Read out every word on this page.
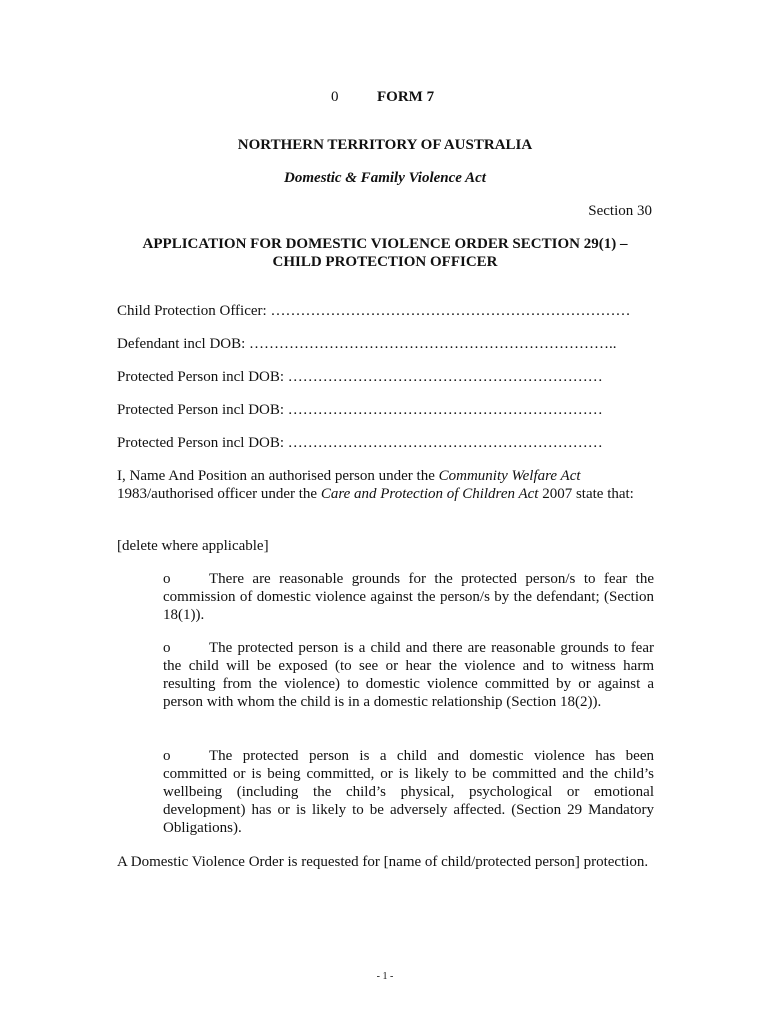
0	FORM 7
NORTHERN TERRITORY OF AUSTRALIA
Domestic & Family Violence Act
Section 30
APPLICATION FOR DOMESTIC VIOLENCE ORDER SECTION 29(1) –
CHILD PROTECTION OFFICER
Child Protection Officer: ………………………………………………………………
Defendant incl DOB: ………………………………………………………………..
Protected Person incl DOB: ………………………………………………………
Protected Person incl DOB: ………………………………………………………
Protected Person incl DOB: ………………………………………………………
I, Name And Position an authorised person under the Community Welfare Act 1983/authorised officer under the Care and Protection of Children Act 2007 state that:
[delete where applicable]
o	There are reasonable grounds for the protected person/s to fear the commission of domestic violence against the person/s by the defendant; (Section 18(1)).
o	The protected person is a child and there are reasonable grounds to fear the child will be exposed (to see or hear the violence and to witness harm resulting from the violence) to domestic violence committed by or against a person with whom the child is in a domestic relationship (Section 18(2)).
o	The protected person is a child and domestic violence has been committed or is being committed, or is likely to be committed and the child’s wellbeing (including the child’s physical, psychological or emotional development) has or is likely to be adversely affected. (Section 29 Mandatory Obligations).
A Domestic Violence Order is requested for [name of child/protected person] protection.
- 1 -
